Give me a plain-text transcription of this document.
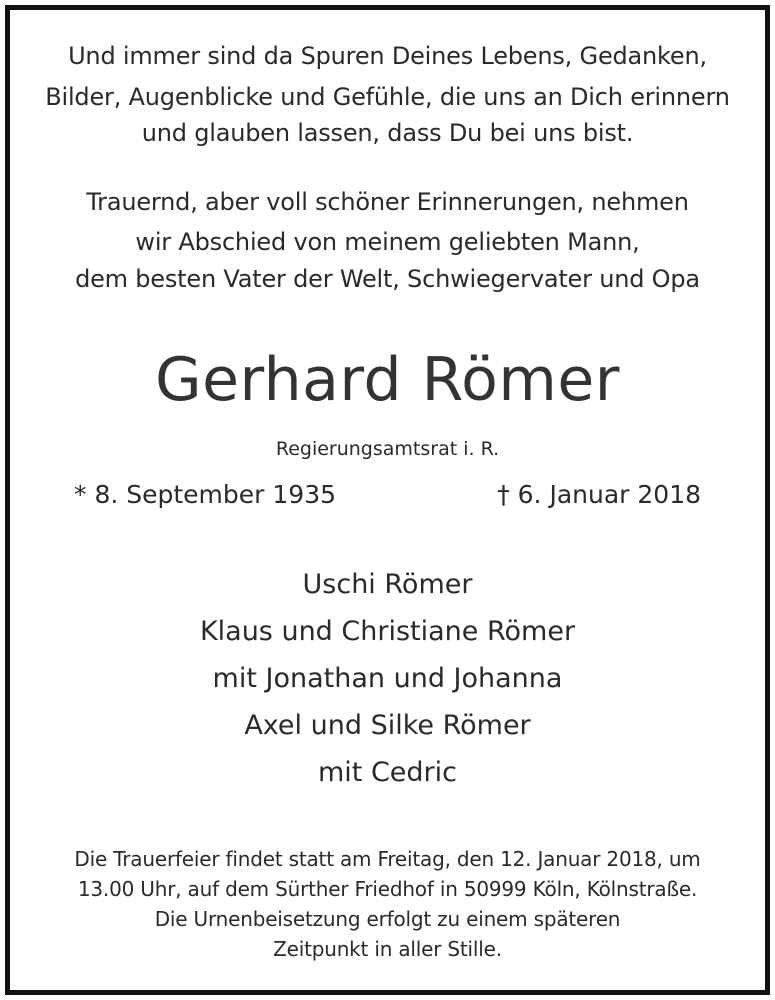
Und immer sind da Spuren Deines Lebens, Gedanken,
Bilder, Augenblicke und Gefühle, die uns an Dich erinnern
und glauben lassen, dass Du bei uns bist.
Trauernd, aber voll schöner Erinnerungen, nehmen
wir Abschied von meinem geliebten Mann,
dem besten Vater der Welt, Schwiegervater und Opa
Gerhard Römer
Regierungsamtsrat i. R.
* 8. September 1935	† 6. Januar 2018
Uschi Römer
Klaus und Christiane Römer
mit Jonathan und Johanna
Axel und Silke Römer
mit Cedric
Die Trauerfeier findet statt am Freitag, den 12. Januar 2018, um
13.00 Uhr, auf dem Sürther Friedhof in 50999 Köln, Kölnstraße.
Die Urnenbeisetzung erfolgt zu einem späteren
Zeitpunkt in aller Stille.
